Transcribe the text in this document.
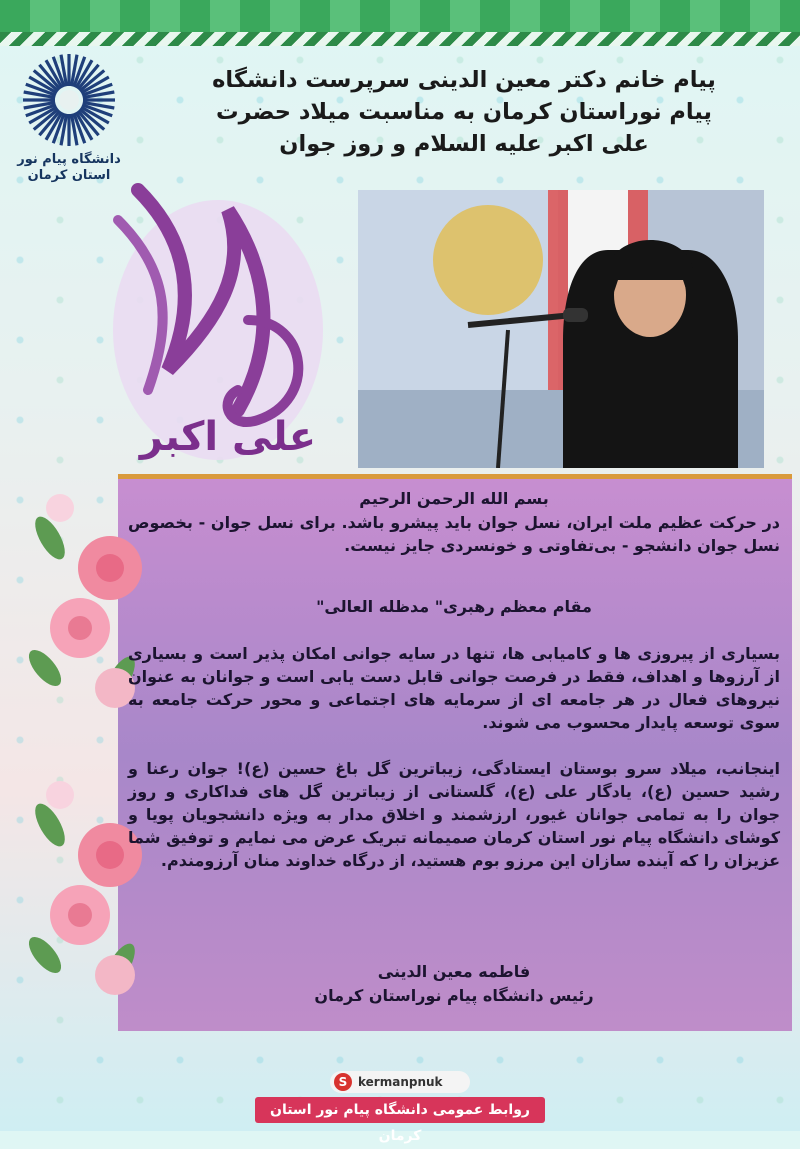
دانشگاه پیام نور
استان کرمان
پیام خانم دکتر معین الدینی سرپرست دانشگاه
پیام نوراستان کرمان به مناسبت میلاد حضرت
علی اکبر علیه السلام و روز جوان
علی اکبر
بسم الله الرحمن الرحیم
در حرکت عظیم ملت ایران، نسل جوان باید پیشرو باشد. برای نسل جوان - بخصوص نسل جوان دانشجو - بی‌تفاوتی و خونسردی جایز نیست.
مقام معظم رهبری" مدظله العالی"
بسیاری از پیروزی ها و کامیابی ها، تنها در سایه جوانی امکان پذیر است و بسیاری از آرزوها و اهداف، فقط در فرصت جوانی قابل دست یابی است و جوانان به عنوان نیروهای فعال در هر جامعه ای از سرمایه های اجتماعی و محور حرکت جامعه به سوی توسعه پایدار محسوب می شوند.
اینجانب، میلاد سرو بوستان ایستادگی، زیباترین گل باغ حسین (ع)! جوان رعنا و رشید حسین (ع)، یادگار علی (ع)، گلستانی از زیباترین گل های فداکاری و روز جوان را به تمامی جوانان غیور، ارزشمند و اخلاق مدار به ویژه دانشجویان پویا و کوشای دانشگاه پیام نور استان کرمان صمیمانه تبریک عرض می نمایم و توفیق شما عزیزان را که آینده سازان این مرزو بوم هستید، از درگاه خداوند منان آرزومندم.
فاطمه معین الدینی
رئیس دانشگاه پیام نوراستان کرمان
S kermanpnuk
روابط عمومی دانشگاه پیام نور استان کرمان
